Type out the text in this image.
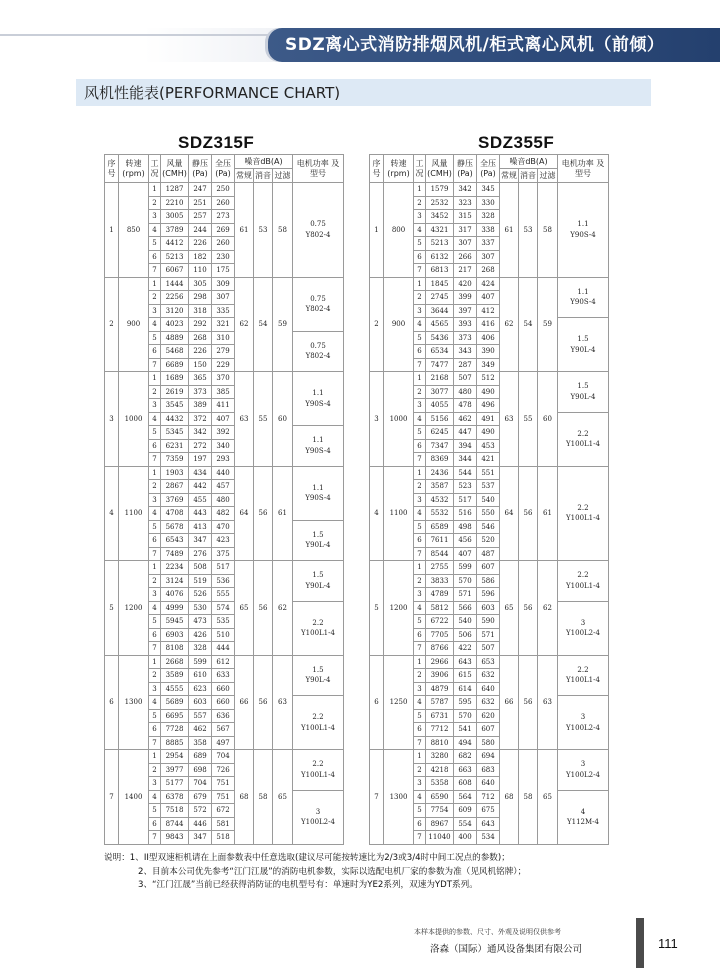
SDZ离心式消防排烟风机/柜式离心风机（前倾）
风机性能表(PERFORMANCE CHART)
SDZ315F	SDZ355F
序号	转速 (rpm)	工况	风量 (CMH)	静压 (Pa)	全压 (Pa)	噪音dB(A)			电机功率 及型号
						常规	消音	过滤	
1	850	1	1287	247	250	61	53	58	0.75
Y802-4

		2	2210	251	260				
		3	3005	257	273				
		4	3789	244	269				
		5	4412	226	260				
		6	5213	182	230				
		7	6067	110	175				
2	900	1	1444	305	309	62	54	59	0.75
Y802-4

		2	2256	298	307				
		3	3120	318	335				
		4	4023	292	321				
		5	4889	268	310				0.75
Y802-4

		6	5468	226	279				
		7	6689	150	229				
3	1000	1	1689	365	370	63	55	60	1.1
Y90S-4

		2	2619	373	385				
		3	3545	389	411				
		4	4432	372	407				
		5	5345	342	392				1.1
Y90S-4

		6	6231	272	340				
		7	7359	197	293				
4	1100	1	1903	434	440	64	56	61	1.1
Y90S-4

		2	2867	442	457				
		3	3769	455	480				
		4	4708	443	482				
		5	5678	413	470				1.5
Y90L-4

		6	6543	347	423				
		7	7489	276	375				
5	1200	1	2234	508	517	65	56	62	1.5
Y90L-4

		2	3124	519	536				
		3	4076	526	555				
		4	4999	530	574				2.2
Y100L1-4

		5	5945	473	535				
		6	6903	426	510				
		7	8108	328	444				
6	1300	1	2668	599	612	66	56	63	1.5
Y90L-4

		2	3589	610	633				
		3	4555	623	660				
		4	5689	603	660				2.2
Y100L1-4

		5	6695	557	636				
		6	7728	462	567				
		7	8885	358	497				
7	1400	1	2954	689	704	68	58	65	2.2
Y100L1-4

		2	3977	698	726				
		3	5177	704	751				
		4	6378	679	751				3
Y100L2-4

		5	7518	572	672				
		6	8744	446	581				
		7	9843	347	518				
序号	转速 (rpm)	工况	风量 (CMH)	静压 (Pa)	全压 (Pa)	噪音dB(A)			电机功率 及型号
						常规	消音	过滤	
1	800	1	1579	342	345	61	53	58	1.1
Y90S-4

		2	2532	323	330				
		3	3452	315	328				
		4	4321	317	338				
		5	5213	307	337				
		6	6132	266	307				
		7	6813	217	268				
2	900	1	1845	420	424	62	54	59	1.1
Y90S-4

		2	2745	399	407				
		3	3644	397	412				
		4	4565	393	416				1.5
Y90L-4

		5	5436	373	406				
		6	6534	343	390				
		7	7477	287	349				
3	1000	1	2168	507	512	63	55	60	1.5
Y90L-4

		2	3077	480	490				
		3	4055	478	496				
		4	5156	462	491				2.2
Y100L1-4

		5	6245	447	490				
		6	7347	394	453				
		7	8369	344	421				
4	1100	1	2436	544	551	64	56	61	2.2
Y100L1-4

		2	3587	523	537				
		3	4532	517	540				
		4	5532	516	550				
		5	6589	498	546				
		6	7611	456	520				
		7	8544	407	487				
5	1200	1	2755	599	607	65	56	62	2.2
Y100L1-4

		2	3833	570	586				
		3	4789	571	596				
		4	5812	566	603				3
Y100L2-4

		5	6722	540	590				
		6	7705	506	571				
		7	8766	422	507				
6	1250	1	2966	643	653	66	56	63	2.2
Y100L1-4

		2	3906	615	632				
		3	4879	614	640				
		4	5787	595	632				3
Y100L2-4

		5	6731	570	620				
		6	7712	541	607				
		7	8810	494	580				
7	1300	1	3280	682	694	68	58	65	3
Y100L2-4

		2	4218	663	683				
		3	5358	608	640				
		4	6590	564	712				4
Y112M-4

		5	7754	609	675				
		6	8967	554	643				
		7	11040	400	534				
说明：1、II型双速柜机请在上面参数表中任意选取(建议尽可能按转速比为2/3或3/4时中间工况点的参数)；
2、目前本公司优先参考“江门江晟”的消防电机参数，实际以选配电机厂家的参数为准（见风机铭牌）；
3、“江门江晟”当前已经获得消防证的电机型号有：单速时为YE2系列，双速为YDT系列。
本样本提供的参数、尺寸、外观及说明仅供参考
洛森（国际）通风设备集团有限公司	111
